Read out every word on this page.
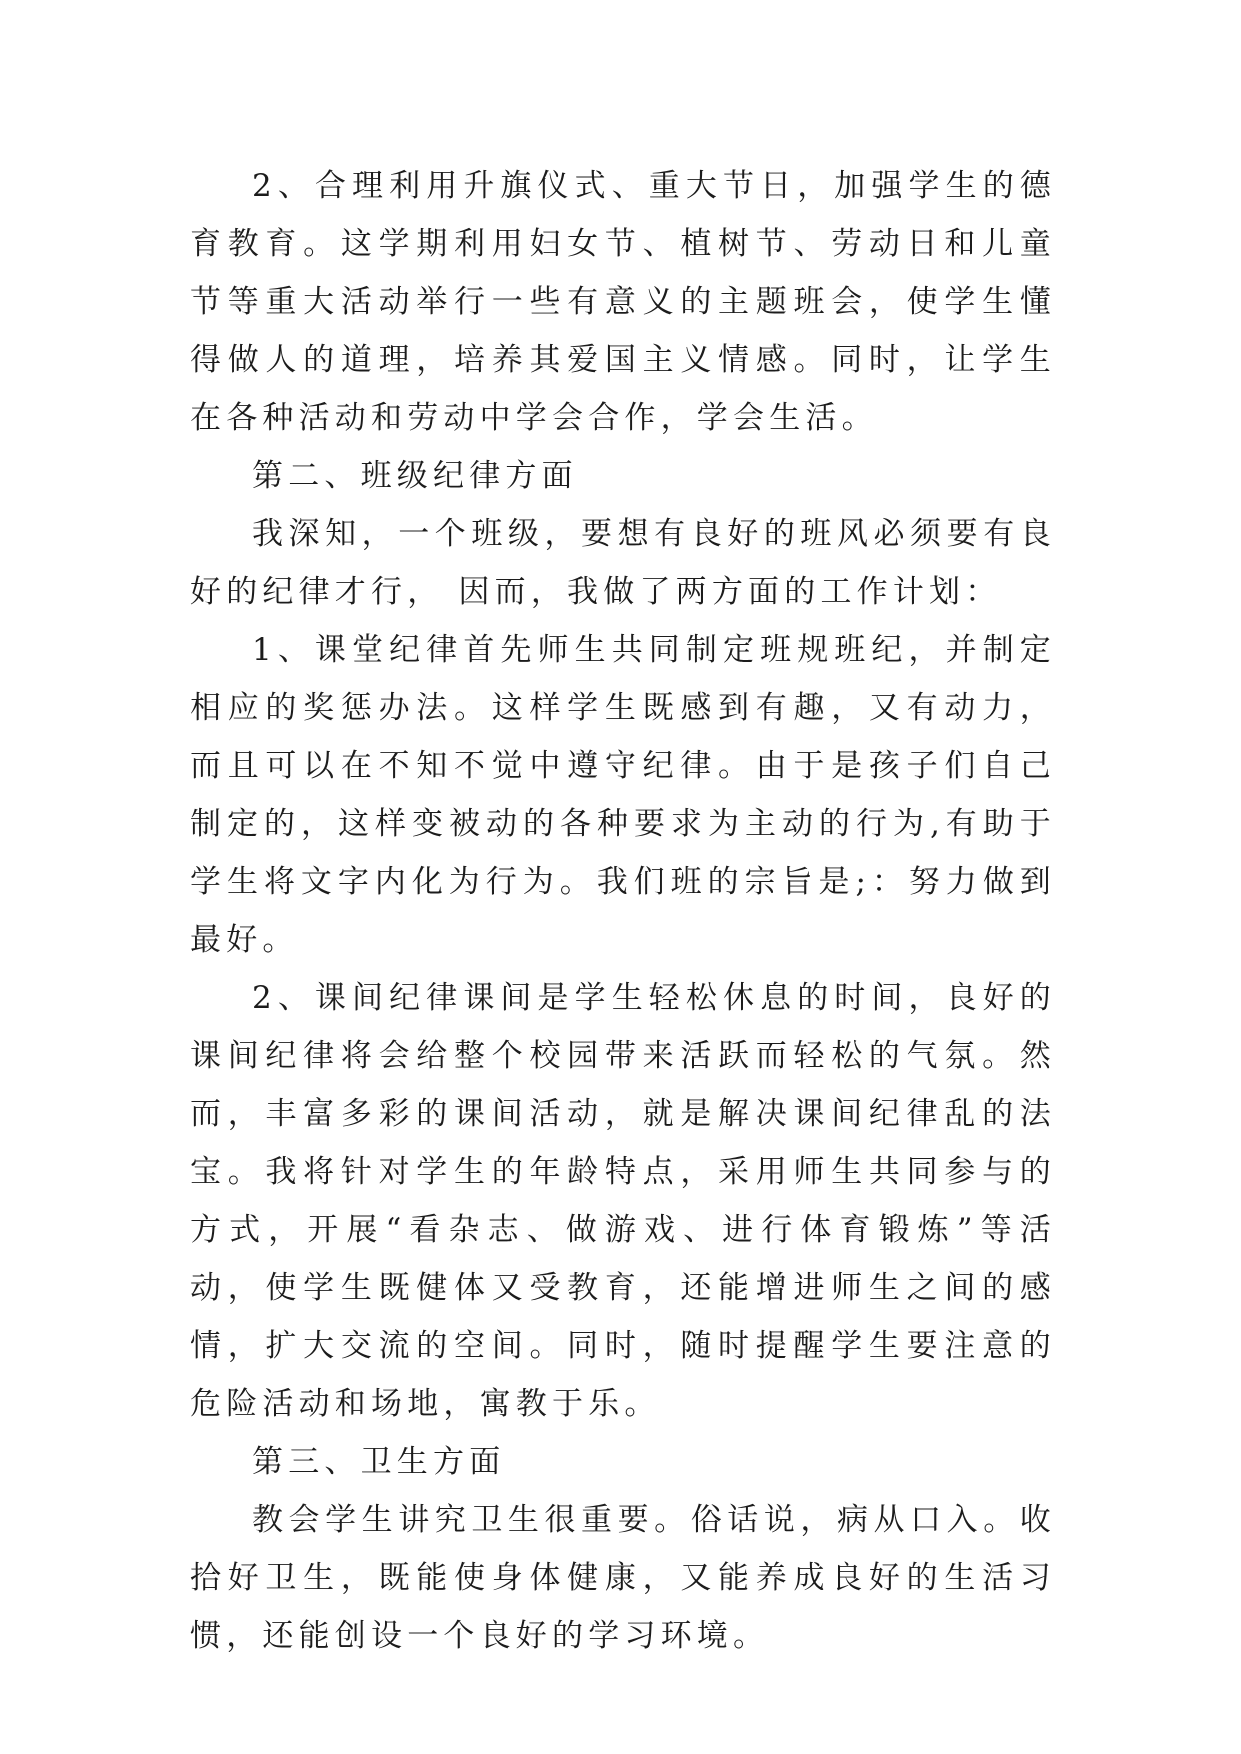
2、合理利用升旗仪式、重大节日，加强学生的德育教育。这学期利用妇女节、植树节、劳动日和儿童节等重大活动举行一些有意义的主题班会，使学生懂得做人的道理，培养其爱国主义情感。同时，让学生在各种活动和劳动中学会合作，学会生活。

第二、班级纪律方面

我深知，一个班级，要想有良好的班风必须要有良好的纪律才行， 因而，我做了两方面的工作计划：

1、课堂纪律首先师生共同制定班规班纪，并制定相应的奖惩办法。这样学生既感到有趣，又有动力，而且可以在不知不觉中遵守纪律。由于是孩子们自己制定的，这样变被动的各种要求为主动的行为,有助于学生将文字内化为行为。我们班的宗旨是;：努力做到最好。

2、课间纪律课间是学生轻松休息的时间，良好的课间纪律将会给整个校园带来活跃而轻松的气氛。然而，丰富多彩的课间活动，就是解决课间纪律乱的法宝。我将针对学生的年龄特点，采用师生共同参与的方式，开展“看杂志、做游戏、进行体育锻炼”等活动，使学生既健体又受教育，还能增进师生之间的感情，扩大交流的空间。同时，随时提醒学生要注意的危险活动和场地，寓教于乐。

第三、卫生方面

教会学生讲究卫生很重要。俗话说，病从口入。收拾好卫生，既能使身体健康，又能养成良好的生活习惯，还能创设一个良好的学习环境。
